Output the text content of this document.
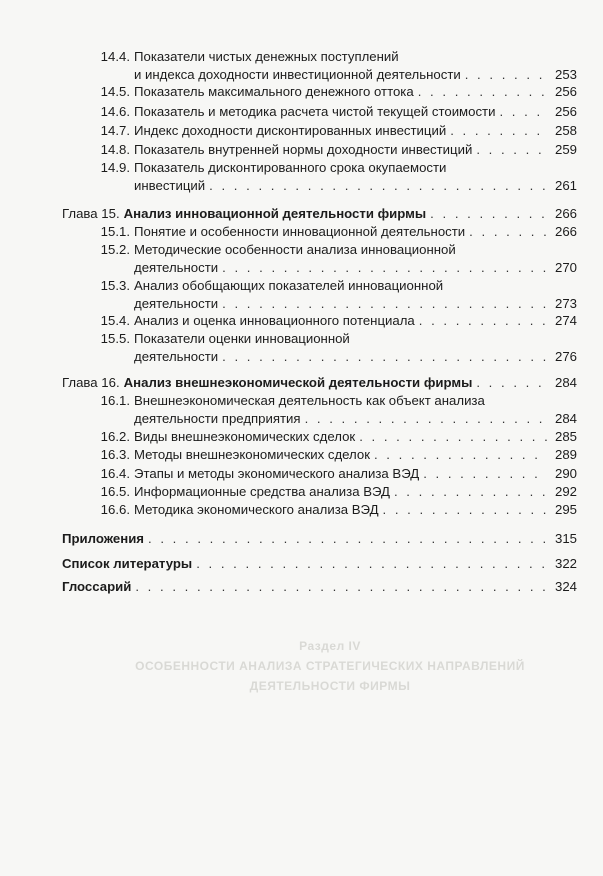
Раздел IV
ОСОБЕННОСТИ АНАЛИЗА СТРАТЕГИЧЕСКИХ НАПРАВЛЕНИЙ
ДЕЯТЕЛЬНОСТИ ФИРМЫ
14.4. Показатели чистых денежных поступлений
и индекса доходности инвестиционной деятельности . . .	253
14.5. Показатель максимального денежного оттока . . .	256
14.6. Показатель и методика расчета чистой текущей стоимости . . .	256
14.7. Индекс доходности дисконтированных инвестиций . . .	258
14.8. Показатель внутренней нормы доходности инвестиций . . .	259
14.9. Показатель дисконтированного срока окупаемости
инвестиций . . .	261
Глава 15. Анализ инновационной деятельности фирмы . . .	266
15.1. Понятие и особенности инновационной деятельности . . .	266
15.2. Методические особенности анализа инновационной
деятельности . . .	270
15.3. Анализ обобщающих показателей инновационной
деятельности . . .	273
15.4. Анализ и оценка инновационного потенциала . . .	274
15.5. Показатели оценки инновационной
деятельности . . .	276
Глава 16. Анализ внешнеэкономической деятельности фирмы . . .	284
16.1. Внешнеэкономическая деятельность как объект анализа
деятельности предприятия . . .	284
16.2. Виды внешнеэкономических сделок . . .	285
16.3. Методы внешнеэкономических сделок . . .	289
16.4. Этапы и методы экономического анализа ВЭД . . .	290
16.5. Информационные средства анализа ВЭД . . .	292
16.6. Методика экономического анализа ВЭД . . .	295
Приложения . . .	315
Список литературы . . .	322
Глоссарий . . .	324
